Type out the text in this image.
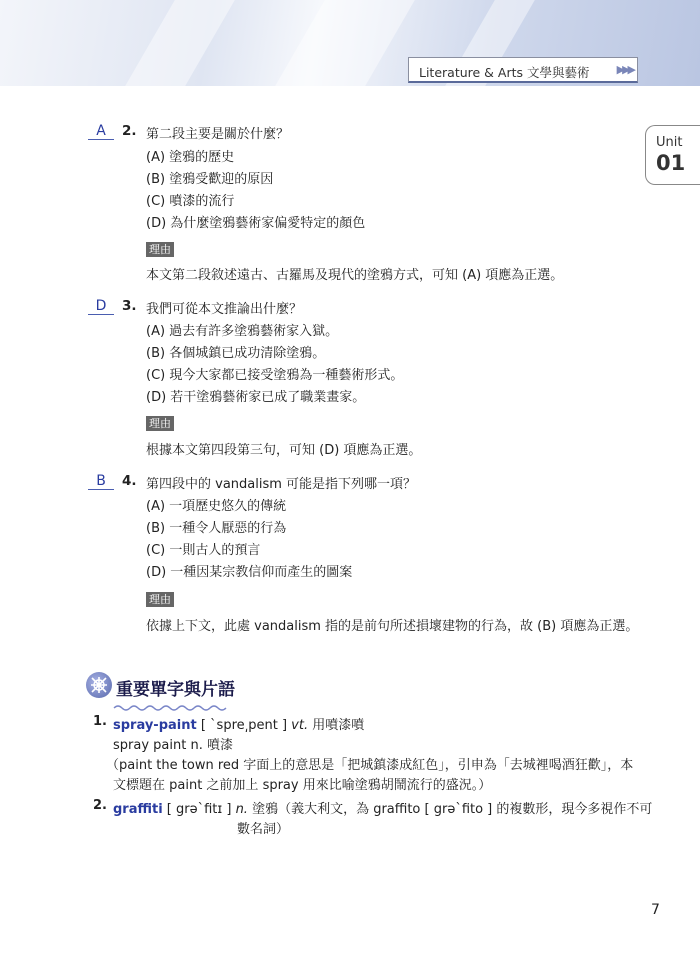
Literature & Arts 文學與藝術 ▶▶▶
Unit
01
A	2. 第二段主要是關於什麼？
(A) 塗鴉的歷史
(B) 塗鴉受歡迎的原因
(C) 噴漆的流行
(D) 為什麼塗鴉藝術家偏愛特定的顏色
理由
本文第二段敘述遠古、古羅馬及現代的塗鴉方式，可知 (A) 項應為正選。
D	3. 我們可從本文推論出什麼？
(A) 過去有許多塗鴉藝術家入獄。
(B) 各個城鎮已成功清除塗鴉。
(C) 現今大家都已接受塗鴉為一種藝術形式。
(D) 若干塗鴉藝術家已成了職業畫家。
理由
根據本文第四段第三句，可知 (D) 項應為正選。
B	4. 第四段中的 vandalism 可能是指下列哪一項？
(A) 一項歷史悠久的傳統
(B) 一種令人厭惡的行為
(C) 一則古人的預言
(D) 一種因某宗教信仰而產生的圖案
理由
依據上下文，此處 vandalism 指的是前句所述損壞建物的行為，故 (B) 項應為正選。
重要單字與片語
1. spray-paint [ ˋspre͵pent ] vt. 用噴漆噴
spray paint n. 噴漆
（paint the town red 字面上的意思是「把城鎮漆成紅色」，引申為「去城裡喝酒狂歡」，本
文標題在 paint 之前加上 spray 用來比喻塗鴉胡鬧流行的盛況。）
2. graffiti [ grəˋfitɪ ] n. 塗鴉（義大利文，為 graffito [ grəˋfito ] 的複數形，現今多視作不可
數名詞）
7
